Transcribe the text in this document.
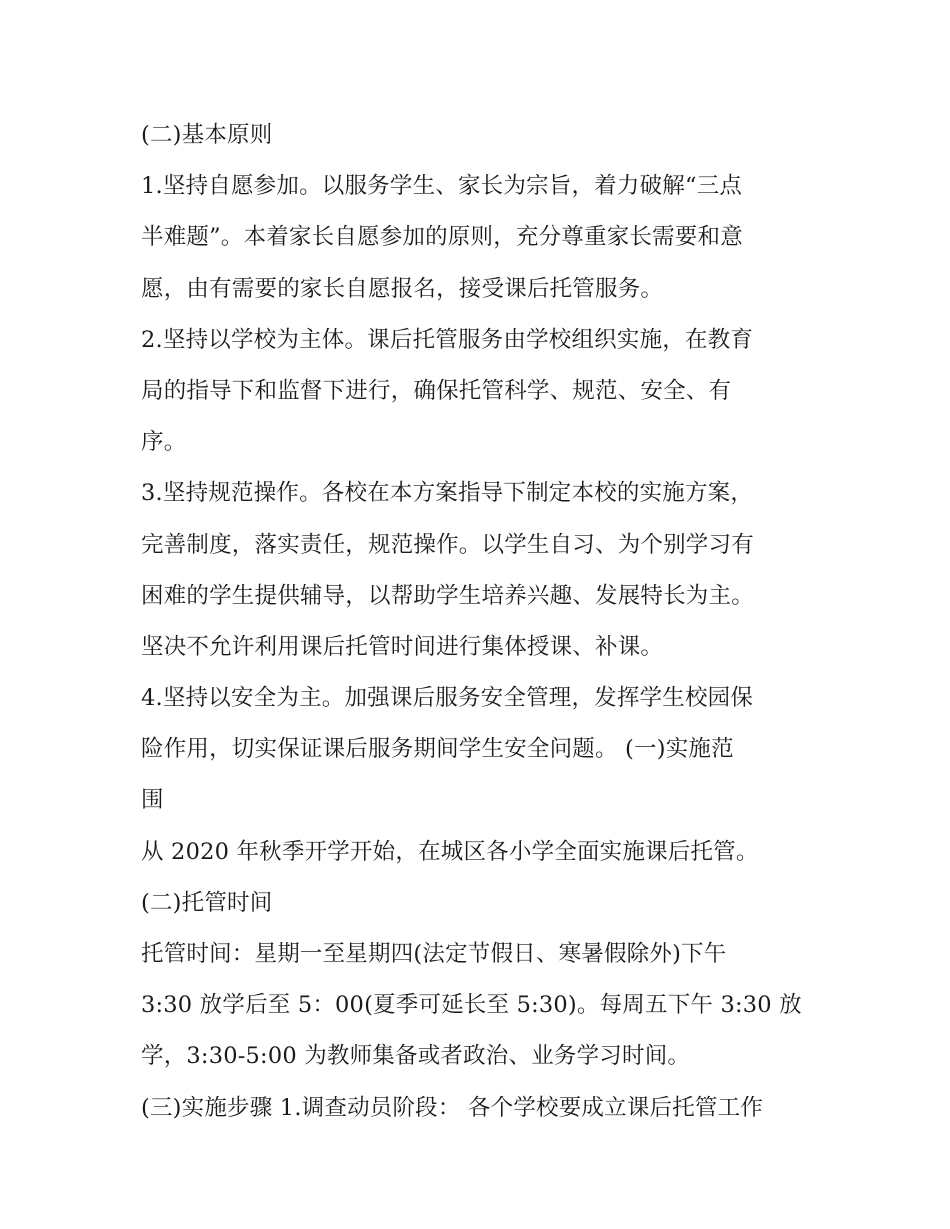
(二)基本原则
1.坚持自愿参加。以服务学生、家长为宗旨，着力破解“三点
半难题”。本着家长自愿参加的原则，充分尊重家长需要和意
愿，由有需要的家长自愿报名，接受课后托管服务。
2.坚持以学校为主体。课后托管服务由学校组织实施，在教育
局的指导下和监督下进行，确保托管科学、规范、安全、有
序。
3.坚持规范操作。各校在本方案指导下制定本校的实施方案，
完善制度，落实责任，规范操作。以学生自习、为个别学习有
困难的学生提供辅导，以帮助学生培养兴趣、发展特长为主。
坚决不允许利用课后托管时间进行集体授课、补课。
4.坚持以安全为主。加强课后服务安全管理，发挥学生校园保
险作用，切实保证课后服务期间学生安全问题。 (一)实施范
围
从 2020 年秋季开学开始，在城区各小学全面实施课后托管。
(二)托管时间
托管时间：星期一至星期四(法定节假日、寒暑假除外)下午
3:30 放学后至 5：00(夏季可延长至 5:30)。每周五下午 3:30 放
学，3:30-5:00 为教师集备或者政治、业务学习时间。
(三)实施步骤 1.调查动员阶段： 各个学校要成立课后托管工作
